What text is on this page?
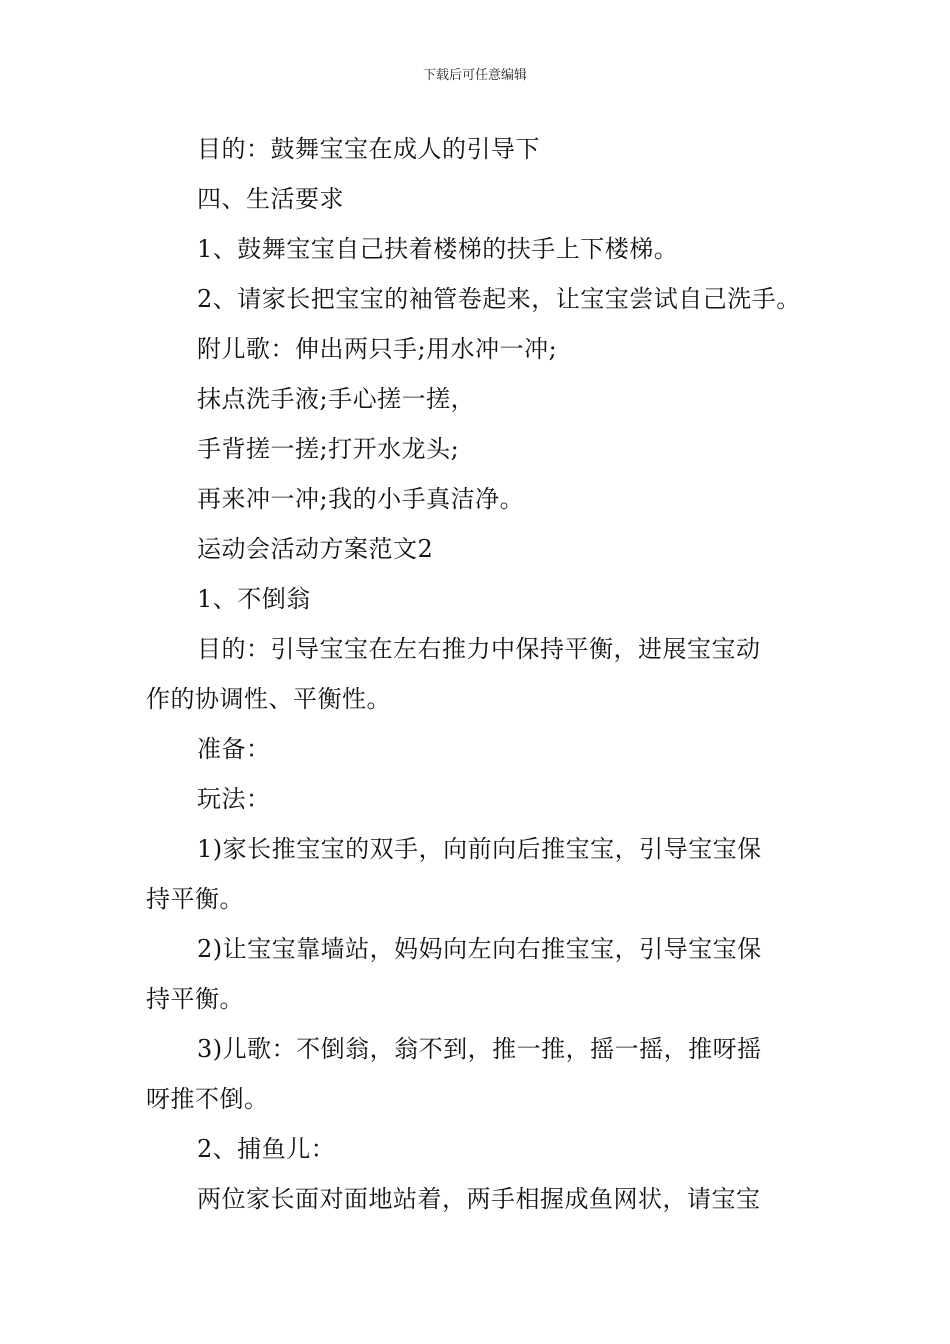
下载后可任意编辑
目的：鼓舞宝宝在成人的引导下
四、生活要求
1、鼓舞宝宝自己扶着楼梯的扶手上下楼梯。
2、请家长把宝宝的袖管卷起来，让宝宝尝试自己洗手。
附儿歌：伸出两只手;用水冲一冲;
抹点洗手液;手心搓一搓，
手背搓一搓;打开水龙头;
再来冲一冲;我的小手真洁净。
运动会活动方案范文2
1、不倒翁
目的：引导宝宝在左右推力中保持平衡，进展宝宝动
作的协调性、平衡性。
准备：
玩法：
1)家长推宝宝的双手，向前向后推宝宝，引导宝宝保
持平衡。
2)让宝宝靠墙站，妈妈向左向右推宝宝，引导宝宝保
持平衡。
3)儿歌：不倒翁，翁不到，推一推，摇一摇，推呀摇
呀推不倒。
2、捕鱼儿：
两位家长面对面地站着，两手相握成鱼网状，请宝宝
